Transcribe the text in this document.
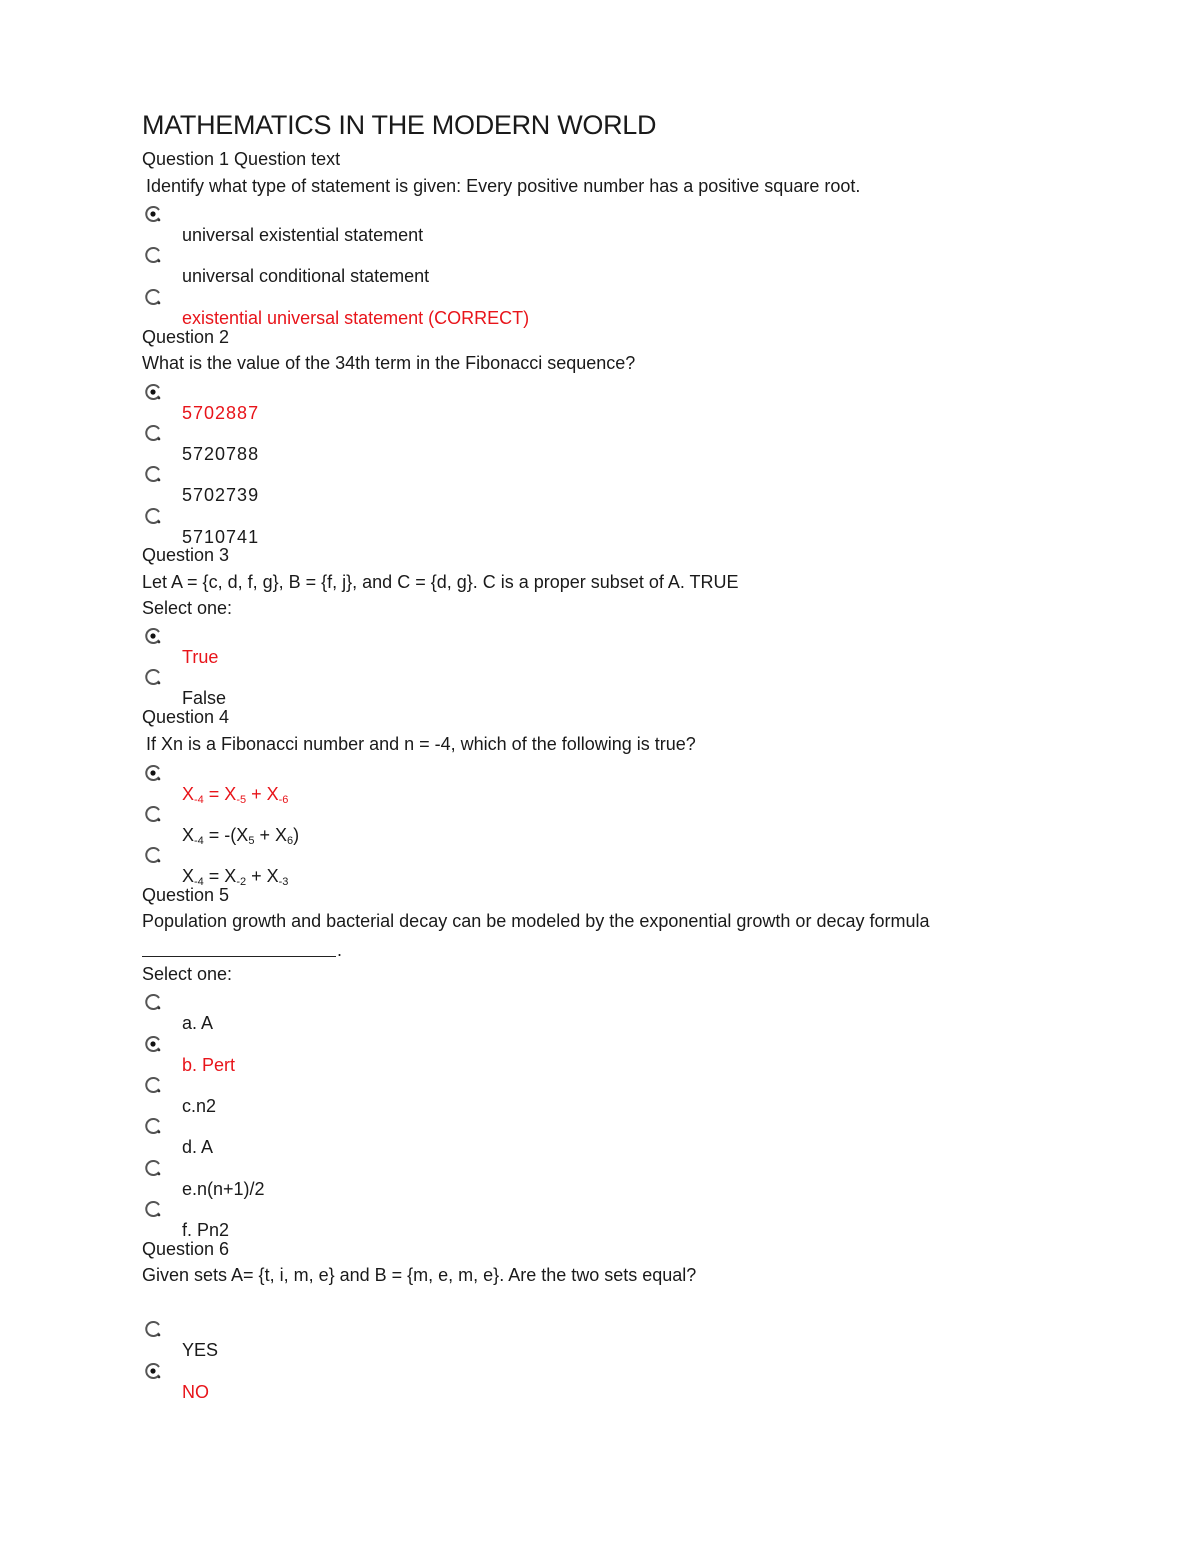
MATHEMATICS IN THE MODERN WORLD
Question 1 Question text
Identify what type of statement is given: Every positive number has a positive square root.
universal existential statement
universal conditional statement
existential universal statement (CORRECT)
Question 2
What is the value of the 34th term in the Fibonacci sequence?
5702887
5720788
5702739
5710741
Question 3
Let A = {c, d, f, g}, B = {f, j}, and C = {d, g}. C is a proper subset of A. TRUE
Select one:
True
False
Question 4
If Xn is a Fibonacci number and n = -4, which of the following is true?
$X_{-4} = X_{-5} + X_{-6}$
$X_{-4} = -(X_5 + X_6)$
$X_{-4} = X_{-2} + X_{-3}$
Question 5
Population growth and bacterial decay can be modeled by the exponential growth or decay formula
.
Select one:
a. A
b. Pert
c.n2
d. A
e.n(n+1)/2
f. Pn2
Question 6
Given sets A= {t, i, m, e} and B = {m, e, m, e}. Are the two sets equal?
YES
NO
